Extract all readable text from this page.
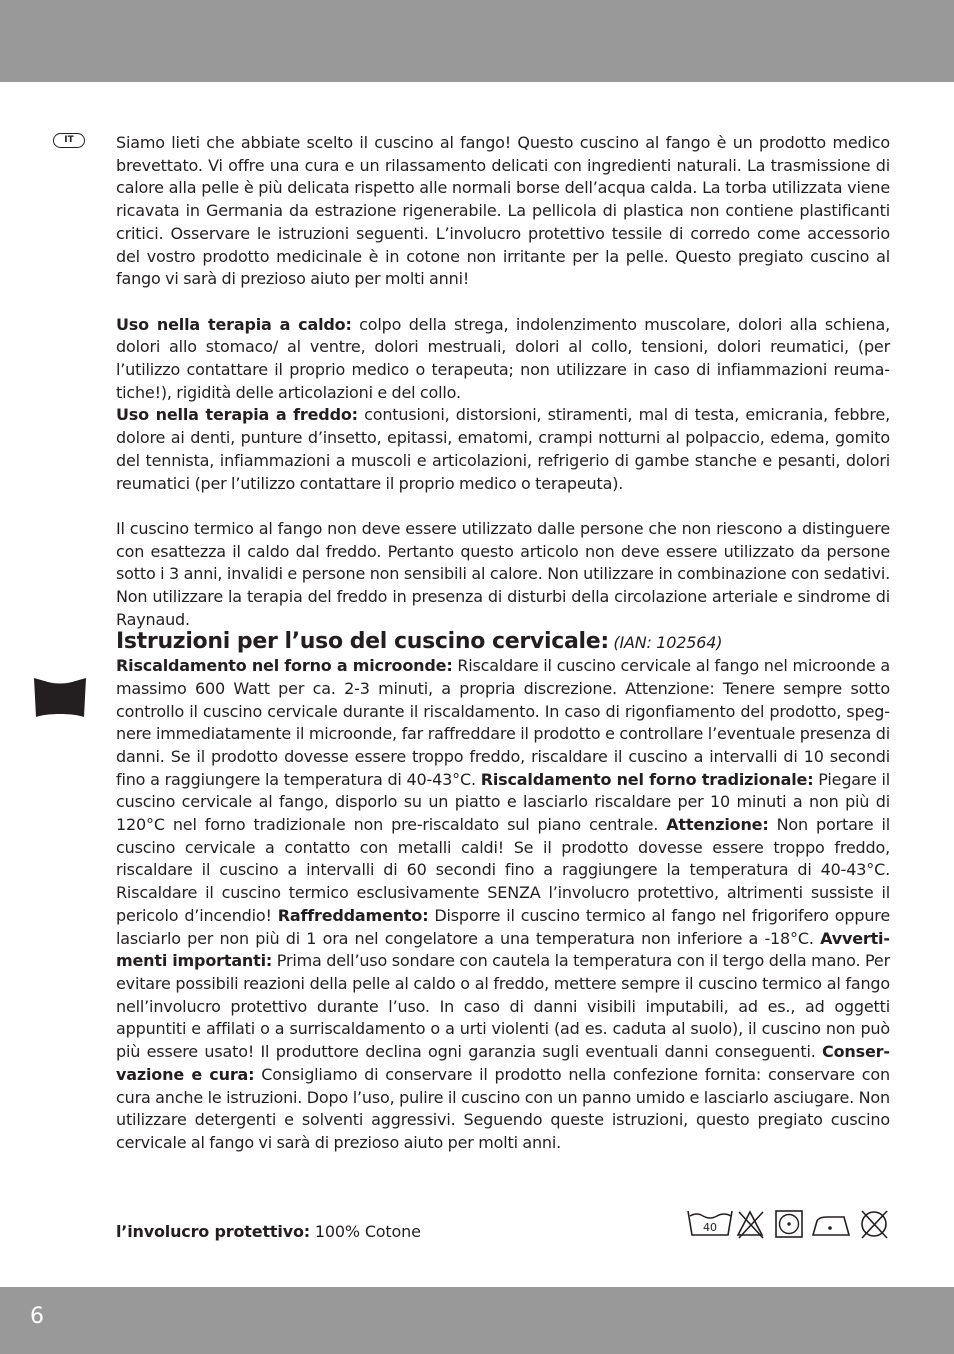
IT	Siamo lieti che abbiate scelto il cuscino al fango! Questo cuscino al fango è un prodotto medico brevettato. Vi offre una cura e un rilassamento delicati con ingredienti naturali. La trasmissione di calore alla pelle è più delicata rispetto alle normali borse dell’acqua calda. La torba utilizzata viene ricavata in Germania da estrazione rigenerabile. La pellicola di plastica non contiene plastificanti critici. Osservare le istruzioni seguenti. L’involucro protettivo tessile di corredo come accessorio del vostro prodotto medicinale è in cotone non irritante per la pelle. Questo pregiato cuscino al fango vi sarà di prezioso aiuto per molti anni!

Uso nella terapia a caldo: colpo della strega, indolenzimento muscolare, dolori alla schiena, dolori allo stomaco/ al ventre, dolori mestruali, dolori al collo, tensioni, dolori reumatici, (per l’utilizzo contattare il proprio medico o terapeuta; non utilizzare in caso di infiammazioni reumatiche!), rigidità delle articolazioni e del collo.

Uso nella terapia a freddo: contusioni, distorsioni, stiramenti, mal di testa, emicrania, febbre, dolore ai denti, punture d’insetto, epitassi, ematomi, crampi notturni al polpaccio, edema, gomito del tennista, infiammazioni a muscoli e articolazioni, refrigerio di gambe stanche e pesanti, dolori reumatici (per l’utilizzo contattare il proprio medico o terapeuta).

Il cuscino termico al fango non deve essere utilizzato dalle persone che non riescono a distinguere con esattezza il caldo dal freddo. Pertanto questo articolo non deve essere utilizzato da persone sotto i 3 anni, invalidi e persone non sensibili al calore. Non utilizzare in combinazione con sedativi. Non utilizzare la terapia del freddo in presenza di disturbi della circolazione arteriale e sindrome di Raynaud.

Istruzioni per l’uso del cuscino cervicale: (IAN: 102564)

Riscaldamento nel forno a microonde: Riscaldare il cuscino cervicale al fango nel microonde a massimo 600 Watt per ca. 2-3 minuti, a propria discrezione. Attenzione: Tenere sempre sotto controllo il cuscino cervicale durante il riscaldamento. In caso di rigonfiamento del prodotto, spegnere immediatamente il microonde, far raffreddare il prodotto e controllare l’eventuale presenza di danni. Se il prodotto dovesse essere troppo freddo, riscaldare il cuscino a intervalli di 10 secondi fino a raggiungere la temperatura di 40-43°C. Riscaldamento nel forno tradizionale: Piegare il cuscino cervicale al fango, disporlo su un piatto e lasciarlo riscaldare per 10 minuti a non più di 120°C nel forno tradizionale non pre-riscaldato sul piano centrale. Attenzione: Non portare il cuscino cervicale a contatto con metalli caldi! Se il prodotto dovesse essere troppo freddo, riscaldare il cuscino a intervalli di 60 secondi fino a raggiungere la temperatura di 40-43°C. Riscaldare il cuscino termico esclusivamente SENZA l’involucro protettivo, altrimenti sussiste il pericolo d’incendio! Raffreddamento: Disporre il cuscino termico al fango nel frigorifero oppure lasciarlo per non più di 1 ora nel congelatore a una temperatura non inferiore a -18°C. Avvertimenti importanti: Prima dell’uso sondare con cautela la temperatura con il tergo della mano. Per evitare possibili reazioni della pelle al caldo o al freddo, mettere sempre il cuscino termico al fango nell’involucro protettivo durante l’uso. In caso di danni visibili imputabili, ad es., ad oggetti appuntiti e affilati o a surriscaldamento o a urti violenti (ad es. caduta al suolo), il cuscino non può più essere usato! Il produttore declina ogni garanzia sugli eventuali danni conseguenti. Conservazione e cura: Consigliamo di conservare il prodotto nella confezione fornita: conservare con cura anche le istruzioni. Dopo l’uso, pulire il cuscino con un panno umido e lasciarlo asciugare. Non utilizzare detergenti e solventi aggressivi. Seguendo queste istruzioni, questo pregiato cuscino cervicale al fango vi sarà di prezioso aiuto per molti anni.

l’involucro protettivo: 100% Cotone	40
6
